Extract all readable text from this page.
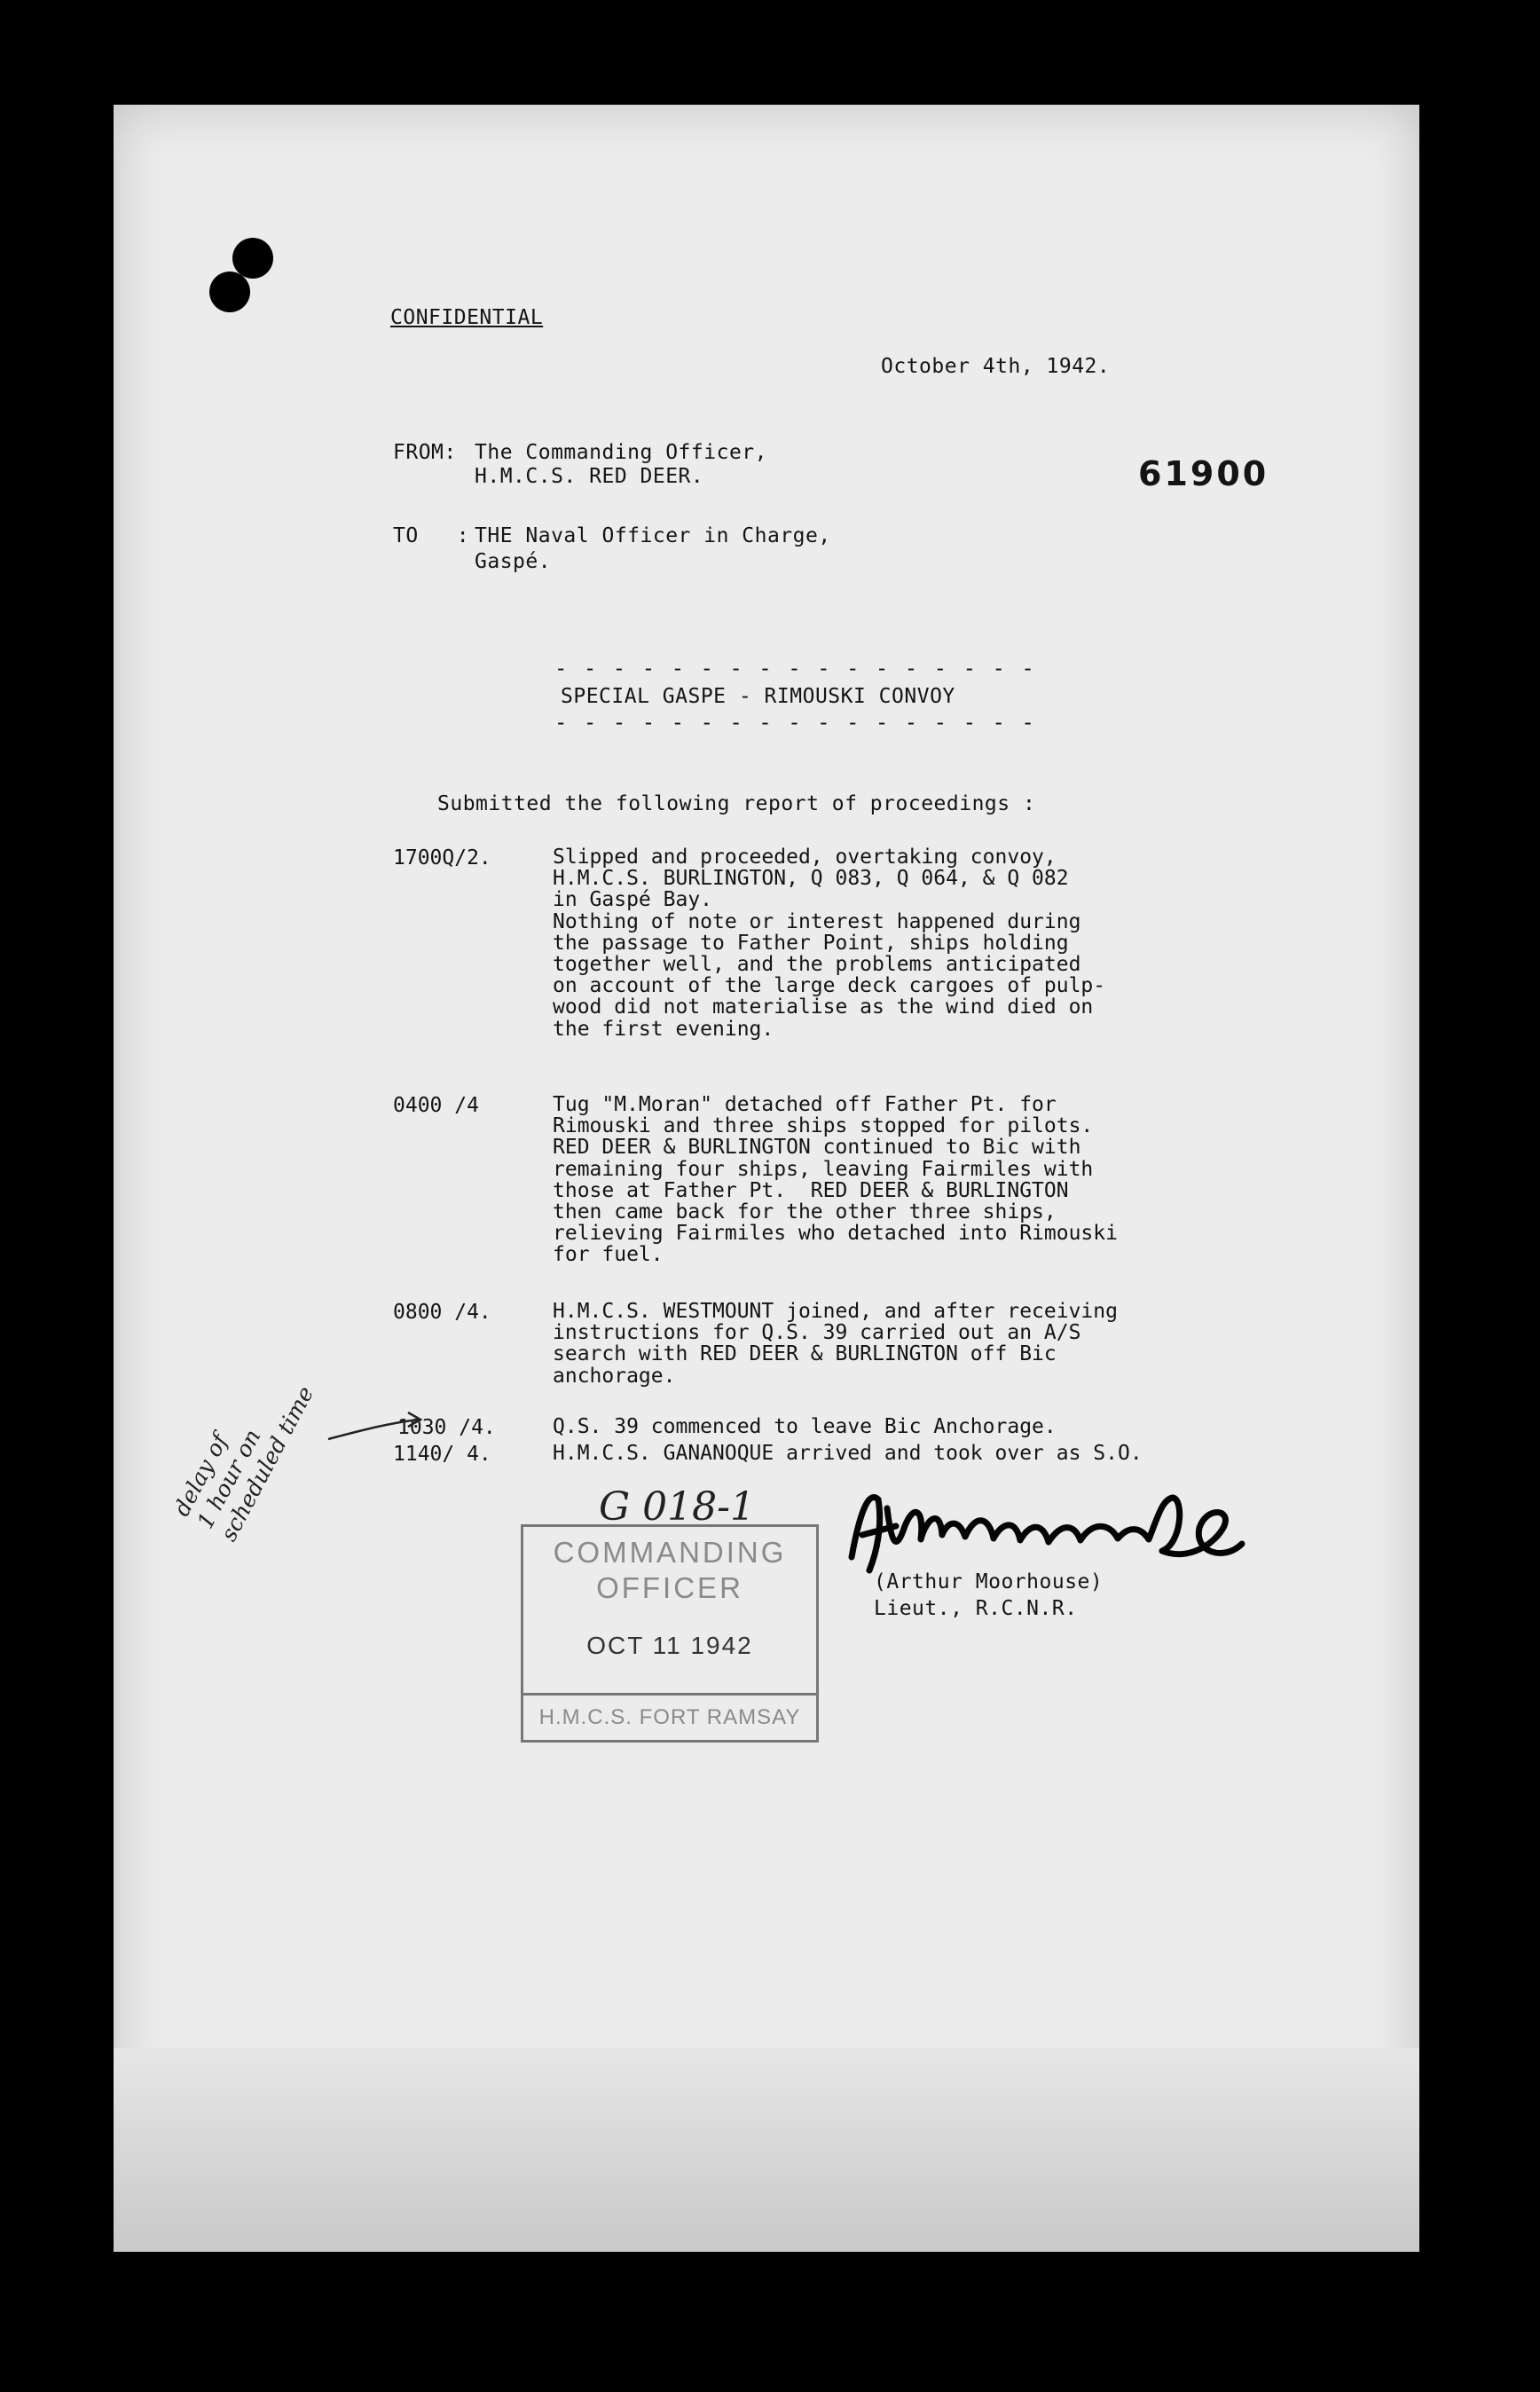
CONFIDENTIAL
October 4th, 1942.
61900
FROM: The Commanding Officer,
H.M.C.S. RED DEER.
TO   : THE Naval Officer in Charge,
Gaspé.
- - - - - - - - - - - - - - - - -
SPECIAL GASPE - RIMOUSKI CONVOY
- - - - - - - - - - - - - - - - -
Submitted the following report of proceedings :
1700Q/2.	Slipped and proceeded, overtaking convoy,
H.M.C.S. BURLINGTON, Q 083, Q 064, & Q 082
in Gaspé Bay.
Nothing of note or interest happened during
the passage to Father Point, ships holding
together well, and the problems anticipated
on account of the large deck cargoes of pulp-
wood did not materialise as the wind died on
the first evening.
0400 /4	Tug "M.Moran" detached off Father Pt. for
Rimouski and three ships stopped for pilots.
RED DEER & BURLINGTON continued to Bic with
remaining four ships, leaving Fairmiles with
those at Father Pt.  RED DEER & BURLINGTON
then came back for the other three ships,
relieving Fairmiles who detached into Rimouski
for fuel.
0800 /4.	H.M.C.S. WESTMOUNT joined, and after receiving
instructions for Q.S. 39 carried out an A/S
search with RED DEER & BURLINGTON off Bic
anchorage.
1030 /4.	Q.S. 39 commenced to leave Bic Anchorage.
1140/ 4.	H.M.C.S. GANANOQUE arrived and took over as S.O.
delay of
1 hour on
scheduled time	G 018-1
COMMANDING
OFFICER
OCT 11 1942
H.M.C.S. FORT RAMSAY
(Arthur Moorhouse)
Lieut., R.C.N.R.
